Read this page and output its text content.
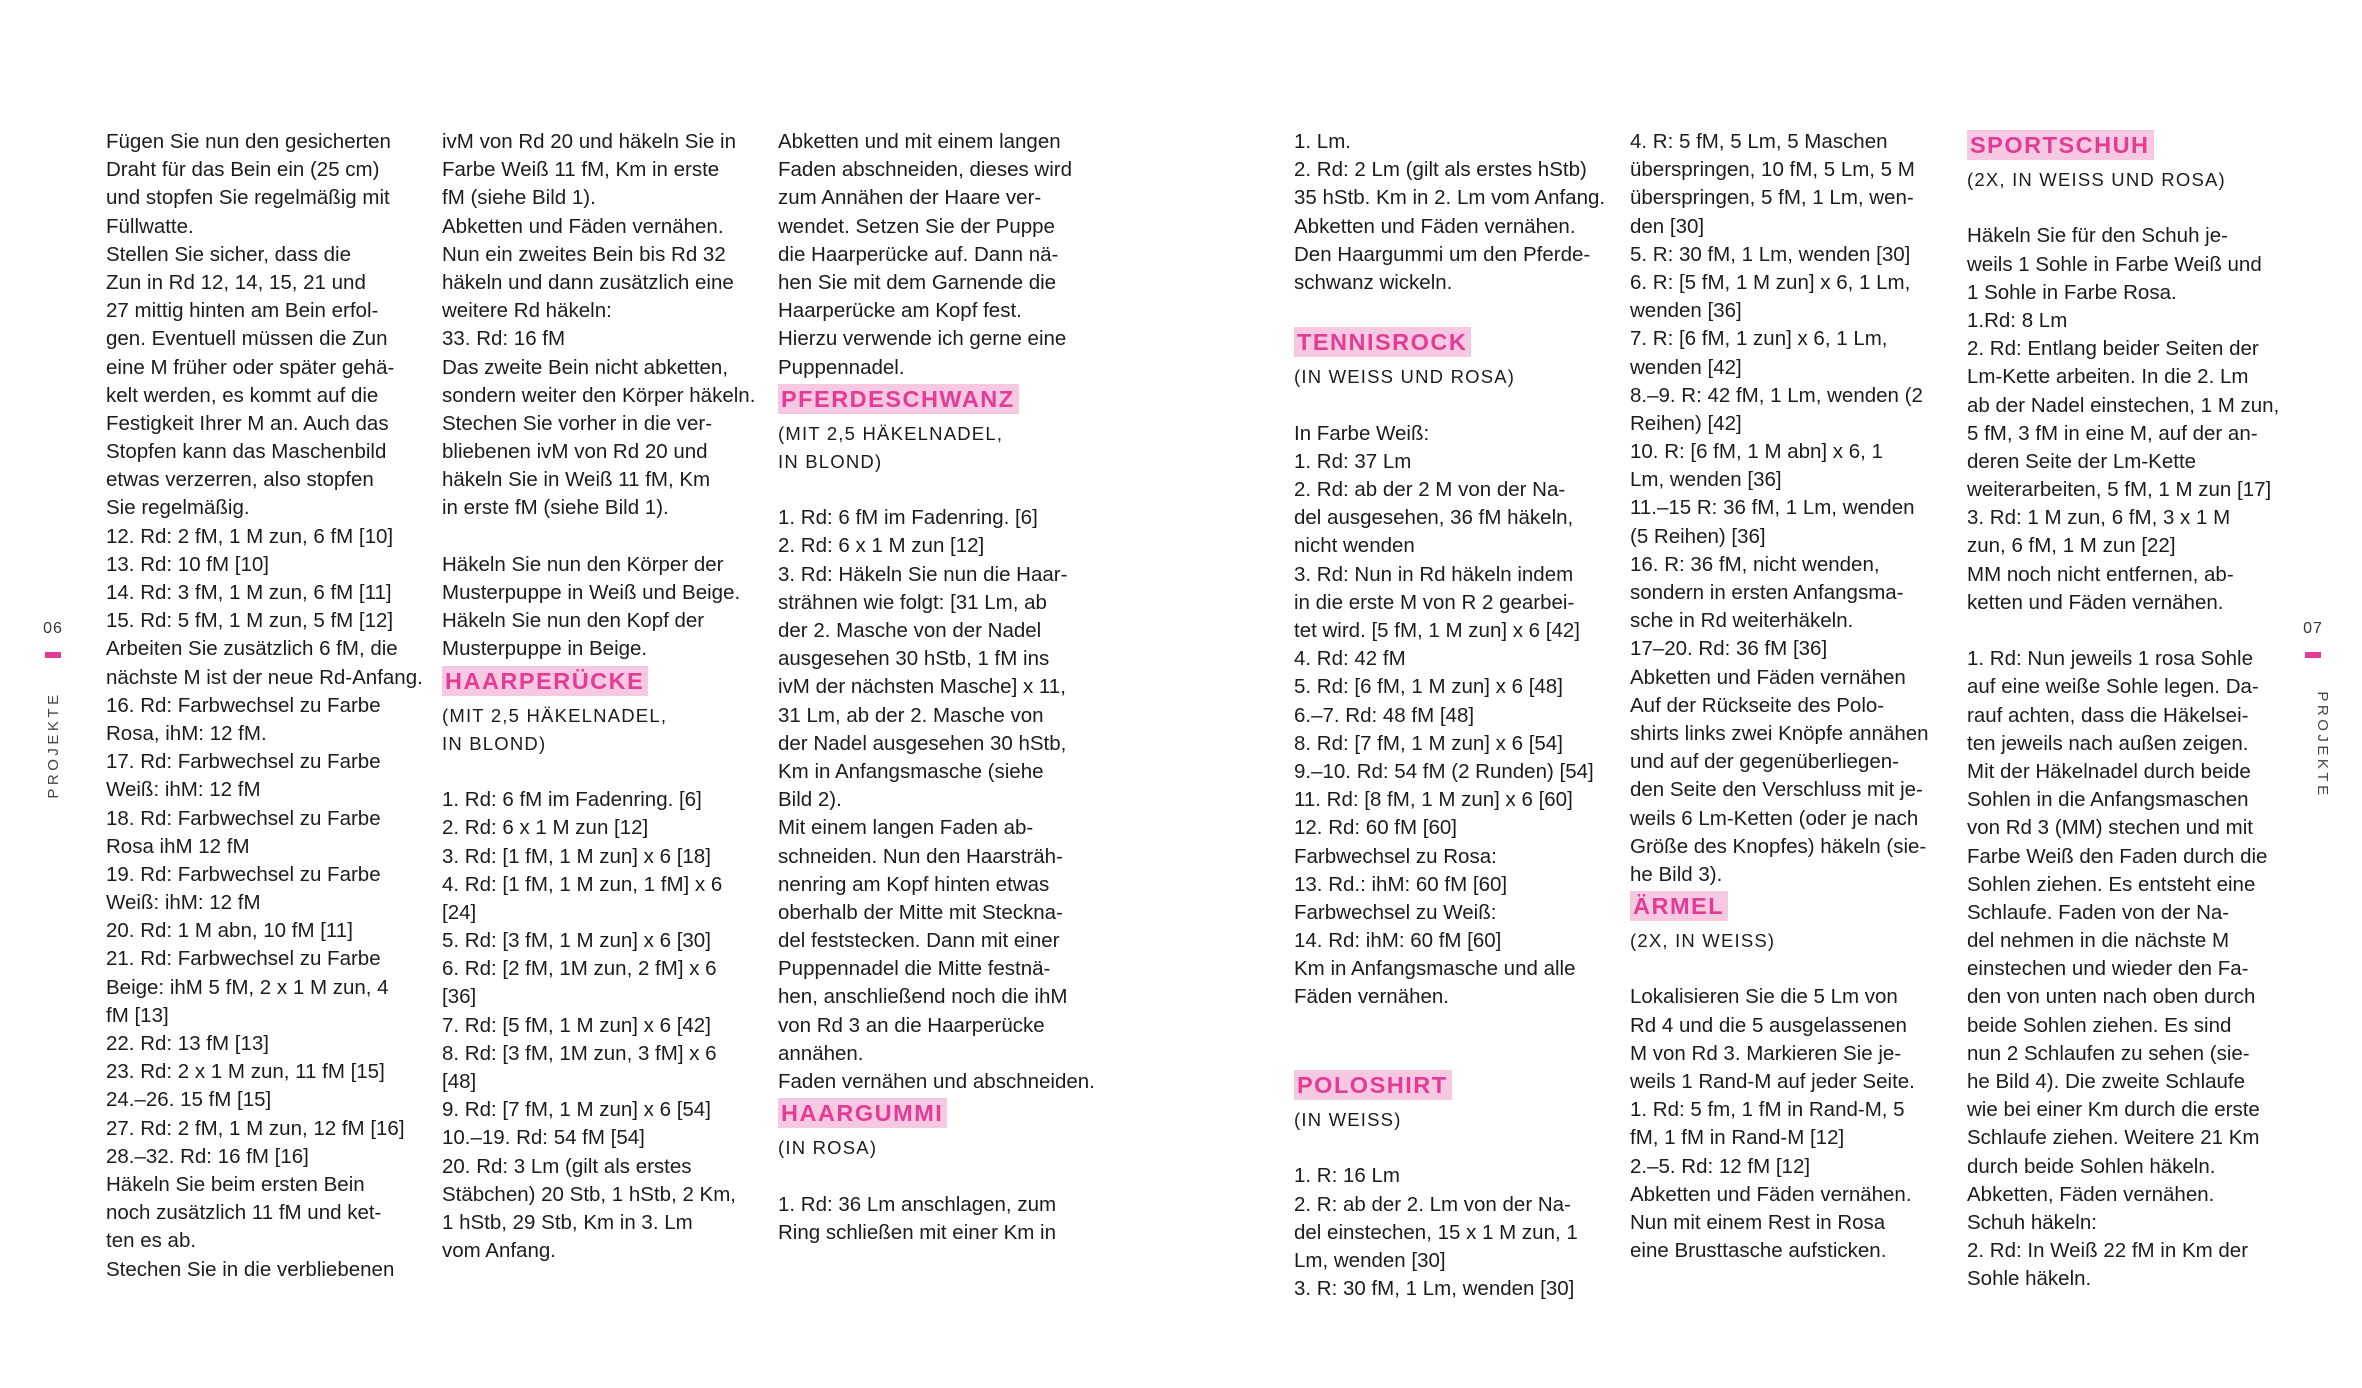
06
PROJEKTE
07
PROJEKTE
Fügen Sie nun den gesicherten
Draht für das Bein ein (25 cm)
und stopfen Sie regelmäßig mit
Füllwatte.
Stellen Sie sicher, dass die
Zun in Rd 12, 14, 15, 21 und
27 mittig hinten am Bein erfol-
gen. Eventuell müssen die Zun
eine M früher oder später gehä-
kelt werden, es kommt auf die
Festigkeit Ihrer M an. Auch das
Stopfen kann das Maschenbild
etwas verzerren, also stopfen
Sie regelmäßig.
12. Rd: 2 fM, 1 M zun, 6 fM [10]
13. Rd: 10 fM [10]
14. Rd: 3 fM, 1 M zun, 6 fM [11]
15. Rd: 5 fM, 1 M zun, 5 fM [12]
Arbeiten Sie zusätzlich 6 fM, die
nächste M ist der neue Rd-Anfang.
16. Rd: Farbwechsel zu Farbe
Rosa, ihM: 12 fM.
17. Rd: Farbwechsel zu Farbe
Weiß: ihM: 12 fM
18. Rd: Farbwechsel zu Farbe
Rosa ihM 12 fM
19. Rd: Farbwechsel zu Farbe
Weiß: ihM: 12 fM
20. Rd: 1 M abn, 10 fM [11]
21. Rd: Farbwechsel zu Farbe
Beige: ihM 5 fM, 2 x 1 M zun, 4
fM [13]
22. Rd: 13 fM [13]
23. Rd: 2 x 1 M zun, 11 fM [15]
24.–26. 15 fM [15]
27. Rd: 2 fM, 1 M zun, 12 fM [16]
28.–32. Rd: 16 fM [16]
Häkeln Sie beim ersten Bein
noch zusätzlich 11 fM und ket-
ten es ab.
Stechen Sie in die verbliebenen
ivM von Rd 20 und häkeln Sie in
Farbe Weiß 11 fM, Km in erste
fM (siehe Bild 1).
Abketten und Fäden vernähen.
Nun ein zweites Bein bis Rd 32
häkeln und dann zusätzlich eine
weitere Rd häkeln:
33. Rd: 16 fM
Das zweite Bein nicht abketten,
sondern weiter den Körper häkeln.
Stechen Sie vorher in die ver-
bliebenen ivM von Rd 20 und
häkeln Sie in Weiß 11 fM, Km
in erste fM (siehe Bild 1).
Häkeln Sie nun den Körper der
Musterpuppe in Weiß und Beige.
Häkeln Sie nun den Kopf der
Musterpuppe in Beige.
HAARPERÜCKE
(MIT 2,5 HÄKELNADEL,
IN BLOND)
1. Rd: 6 fM im Fadenring. [6]
2. Rd: 6 x 1 M zun [12]
3. Rd: [1 fM, 1 M zun] x 6 [18]
4. Rd: [1 fM, 1 M zun, 1 fM] x 6
[24]
5. Rd: [3 fM, 1 M zun] x 6 [30]
6. Rd: [2 fM, 1M zun, 2 fM] x 6
[36]
7. Rd: [5 fM, 1 M zun] x 6 [42]
8. Rd: [3 fM, 1M zun, 3 fM] x 6
[48]
9. Rd: [7 fM, 1 M zun] x 6 [54]
10.–19. Rd: 54 fM [54]
20. Rd: 3 Lm (gilt als erstes
Stäbchen) 20 Stb, 1 hStb, 2 Km,
1 hStb, 29 Stb, Km in 3. Lm
vom Anfang.
Abketten und mit einem langen
Faden abschneiden, dieses wird
zum Annähen der Haare ver-
wendet. Setzen Sie der Puppe
die Haarperücke auf. Dann nä-
hen Sie mit dem Garnende die
Haarperücke am Kopf fest.
Hierzu verwende ich gerne eine
Puppennadel.
PFERDESCHWANZ
(MIT 2,5 HÄKELNADEL,
IN BLOND)
1. Rd: 6 fM im Fadenring. [6]
2. Rd: 6 x 1 M zun [12]
3. Rd: Häkeln Sie nun die Haar-
strähnen wie folgt: [31 Lm, ab
der 2. Masche von der Nadel
ausgesehen 30 hStb, 1 fM ins
ivM der nächsten Masche] x 11,
31 Lm, ab der 2. Masche von
der Nadel ausgesehen 30 hStb,
Km in Anfangsmasche (siehe
Bild 2).
Mit einem langen Faden ab-
schneiden. Nun den Haarsträh-
nenring am Kopf hinten etwas
oberhalb der Mitte mit Stecknа-
del feststecken. Dann mit einer
Puppennadel die Mitte festnä-
hen, anschließend noch die ihM
von Rd 3 an die Haarperücke
annähen.
Faden vernähen und abschneiden.
HAARGUMMI
(IN ROSA)
1. Rd: 36 Lm anschlagen, zum
Ring schließen mit einer Km in
1. Lm.
2. Rd: 2 Lm (gilt als erstes hStb)
35 hStb. Km in 2. Lm vom Anfang.
Abketten und Fäden vernähen.
Den Haargummi um den Pferde-
schwanz wickeln.
TENNISROCK
(IN WEISS UND ROSA)
In Farbe Weiß:
1. Rd: 37 Lm
2. Rd: ab der 2 M von der Na-
del ausgesehen, 36 fM häkeln,
nicht wenden
3. Rd: Nun in Rd häkeln indem
in die erste M von R 2 gearbei-
tet wird. [5 fM, 1 M zun] x 6 [42]
4. Rd: 42 fM
5. Rd: [6 fM, 1 M zun] x 6 [48]
6.–7. Rd: 48 fM [48]
8. Rd: [7 fM, 1 M zun] x 6 [54]
9.–10. Rd: 54 fM (2 Runden) [54]
11. Rd: [8 fM, 1 M zun] x 6 [60]
12. Rd: 60 fM [60]
Farbwechsel zu Rosa:
13. Rd.: ihM: 60 fM [60]
Farbwechsel zu Weiß:
14. Rd: ihM: 60 fM [60]
Km in Anfangsmasche und alle
Fäden vernähen.
POLOSHIRT
(IN WEISS)
1. R: 16 Lm
2. R: ab der 2. Lm von der Na-
del einstechen, 15 x 1 M zun, 1
Lm, wenden [30]
3. R: 30 fM, 1 Lm, wenden [30]
4. R: 5 fM, 5 Lm, 5 Maschen
überspringen, 10 fM, 5 Lm, 5 M
überspringen, 5 fM, 1 Lm, wen-
den [30]
5. R: 30 fM, 1 Lm, wenden [30]
6. R: [5 fM, 1 M zun] x 6, 1 Lm,
wenden [36]
7. R: [6 fM, 1 zun] x 6, 1 Lm,
wenden [42]
8.–9. R: 42 fM, 1 Lm, wenden (2
Reihen) [42]
10. R: [6 fM, 1 M abn] x 6, 1
Lm, wenden [36]
11.–15 R: 36 fM, 1 Lm, wenden
(5 Reihen) [36]
16. R: 36 fM, nicht wenden,
sondern in ersten Anfangsma-
sche in Rd weiterhäkeln.
17–20. Rd: 36 fM [36]
Abketten und Fäden vernähen
Auf der Rückseite des Polo-
shirts links zwei Knöpfe annähen
und auf der gegenüberliegen-
den Seite den Verschluss mit je-
weils 6 Lm-Ketten (oder je nach
Größe des Knopfes) häkeln (sie-
he Bild 3).
ÄRMEL
(2X, IN WEISS)
Lokalisieren Sie die 5 Lm von
Rd 4 und die 5 ausgelassenen
M von Rd 3. Markieren Sie je-
weils 1 Rand-M auf jeder Seite.
1. Rd: 5 fm, 1 fM in Rand-M, 5
fM, 1 fM in Rand-M [12]
2.–5. Rd: 12 fM [12]
Abketten und Fäden vernähen.
Nun mit einem Rest in Rosa
eine Brusttasche aufsticken.
SPORTSCHUH
(2X, IN WEISS UND ROSA)
Häkeln Sie für den Schuh je-
weils 1 Sohle in Farbe Weiß und
1 Sohle in Farbe Rosa.
1.Rd: 8 Lm
2. Rd: Entlang beider Seiten der
Lm-Kette arbeiten. In die 2. Lm
ab der Nadel einstechen, 1 M zun,
5 fM, 3 fM in eine M, auf der an-
deren Seite der Lm-Kette
weiterarbeiten, 5 fM, 1 M zun [17]
3. Rd: 1 M zun, 6 fM, 3 x 1 M
zun, 6 fM, 1 M zun [22]
MM noch nicht entfernen, ab-
ketten und Fäden vernähen.
1. Rd: Nun jeweils 1 rosa Sohle
auf eine weiße Sohle legen. Da-
rauf achten, dass die Häkelsei-
ten jeweils nach außen zeigen.
Mit der Häkelnadel durch beide
Sohlen in die Anfangsmaschen
von Rd 3 (MM) stechen und mit
Farbe Weiß den Faden durch die
Sohlen ziehen. Es entsteht eine
Schlaufe. Faden von der Na-
del nehmen in die nächste M
einstechen und wieder den Fa-
den von unten nach oben durch
beide Sohlen ziehen. Es sind
nun 2 Schlaufen zu sehen (sie-
he Bild 4). Die zweite Schlaufe
wie bei einer Km durch die erste
Schlaufe ziehen. Weitere 21 Km
durch beide Sohlen häkeln.
Abketten, Fäden vernähen.
Schuh häkeln:
2. Rd: In Weiß 22 fM in Km der
Sohle häkeln.
